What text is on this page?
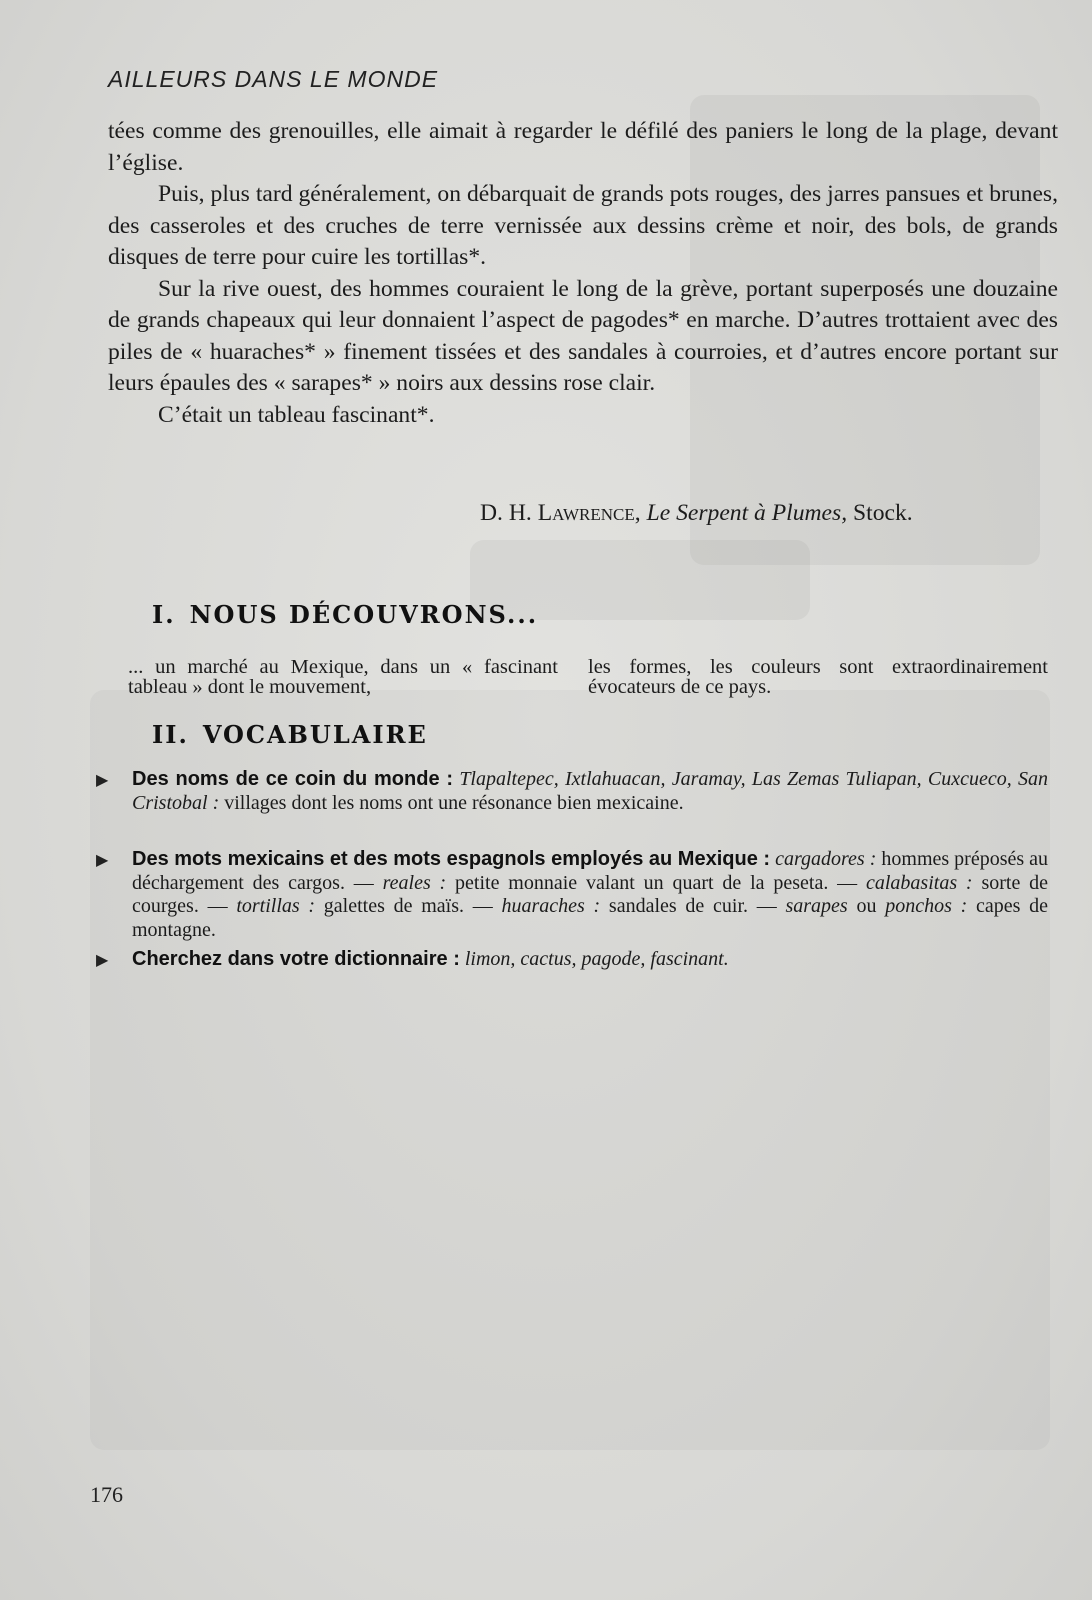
AILLEURS DANS LE MONDE

tées comme des grenouilles, elle aimait à regarder le défilé des paniers le long de la plage, devant l’église.

Puis, plus tard généralement, on débarquait de grands pots rouges, des jarres pansues et brunes, des casseroles et des cruches de terre vernissée aux dessins crème et noir, des bols, de grands disques de terre pour cuire les tortillas*.

Sur la rive ouest, des hommes couraient le long de la grève, portant superposés une douzaine de grands chapeaux qui leur donnaient l’aspect de pagodes* en marche. D’autres trottaient avec des piles de « huaraches* » finement tissées et des sandales à courroies, et d’autres encore portant sur leurs épaules des « sarapes* » noirs aux dessins rose clair.

C’était un tableau fascinant*.

D. H. Lawrence, Le Serpent à Plumes, Stock.
I. NOUS DÉCOUVRONS...
... un marché au Mexique, dans un « fascinant tableau » dont le mouvement,
les formes, les couleurs sont extraordinairement évocateurs de ce pays.
II. VOCABULAIRE
▶ Des noms de ce coin du monde : Tlapaltepec, Ixtlahuacan, Jaramay, Las Zemas Tuliapan, Cuxcueco, San Cristobal : villages dont les noms ont une résonance bien mexicaine.
▶ Des mots mexicains et des mots espagnols employés au Mexique : cargadores : hommes préposés au déchargement des cargos. — reales : petite monnaie valant un quart de la peseta. — calabasitas : sorte de courges. — tortillas : galettes de maïs. — huaraches : sandales de cuir. — sarapes ou ponchos : capes de montagne.
▶ Cherchez dans votre dictionnaire : limon, cactus, pagode, fascinant.
176
